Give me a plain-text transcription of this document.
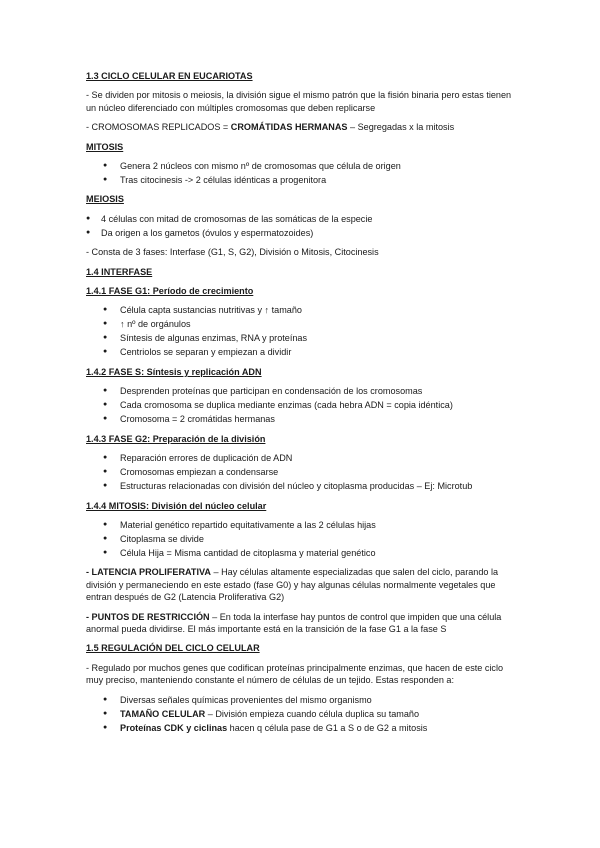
1.3 CICLO CELULAR EN EUCARIOTAS
- Se dividen por mitosis o meiosis, la división sigue el mismo patrón que la fisión binaria pero estas tienen un núcleo diferenciado con múltiples cromosomas que deben replicarse
- CROMOSOMAS REPLICADOS = CROMÁTIDAS HERMANAS – Segregadas x la mitosis
MITOSIS
● Genera 2 núcleos con mismo nº de cromosomas que célula de origen
● Tras citocinesis -> 2 células idénticas a progenitora
MEIOSIS
● 4 células con mitad de cromosomas de las somáticas de la especie
● Da origen a los gametos (óvulos y espermatozoides)
- Consta de 3 fases: Interfase (G1, S, G2), División o Mitosis, Citocinesis
1.4 INTERFASE
1.4.1 FASE G1: Período de crecimiento
● Célula capta sustancias nutritivas y ↑ tamaño
● ↑ nº de orgánulos
● Síntesis de algunas enzimas, RNA y proteínas
● Centriolos se separan y empiezan a dividir
1.4.2 FASE S: Síntesis y replicación ADN
● Desprenden proteínas que participan en condensación de los cromosomas
● Cada cromosoma se duplica mediante enzimas (cada hebra ADN = copia idéntica)
● Cromosoma = 2 cromátidas hermanas
1.4.3 FASE G2: Preparación de la división
● Reparación errores de duplicación de ADN
● Cromosomas empiezan a condensarse
● Estructuras relacionadas con división del núcleo y citoplasma producidas – Ej: Microtub
1.4.4 MITOSIS: División del núcleo celular
● Material genético repartido equitativamente a las 2 células hijas
● Citoplasma se divide
● Célula Hija = Misma cantidad de citoplasma y material genético
- LATENCIA PROLIFERATIVA – Hay células altamente especializadas que salen del ciclo, parando la división y permaneciendo en este estado (fase G0) y hay algunas células normalmente vegetales que entran después de G2 (Latencia Proliferativa G2)
- PUNTOS DE RESTRICCIÓN – En toda la interfase hay puntos de control que impiden que una célula anormal pueda dividirse. El más importante está en la transición de la fase G1 a la fase S
1.5 REGULACIÓN DEL CICLO CELULAR
- Regulado por muchos genes que codifican proteínas principalmente enzimas, que hacen de este ciclo muy preciso, manteniendo constante el número de células de un tejido. Estas responden a:
● Diversas señales químicas provenientes del mismo organismo
● TAMAÑO CELULAR – División empieza cuando célula duplica su tamaño
● Proteínas CDK y ciclinas hacen q célula pase de G1 a S o de G2 a mitosis
